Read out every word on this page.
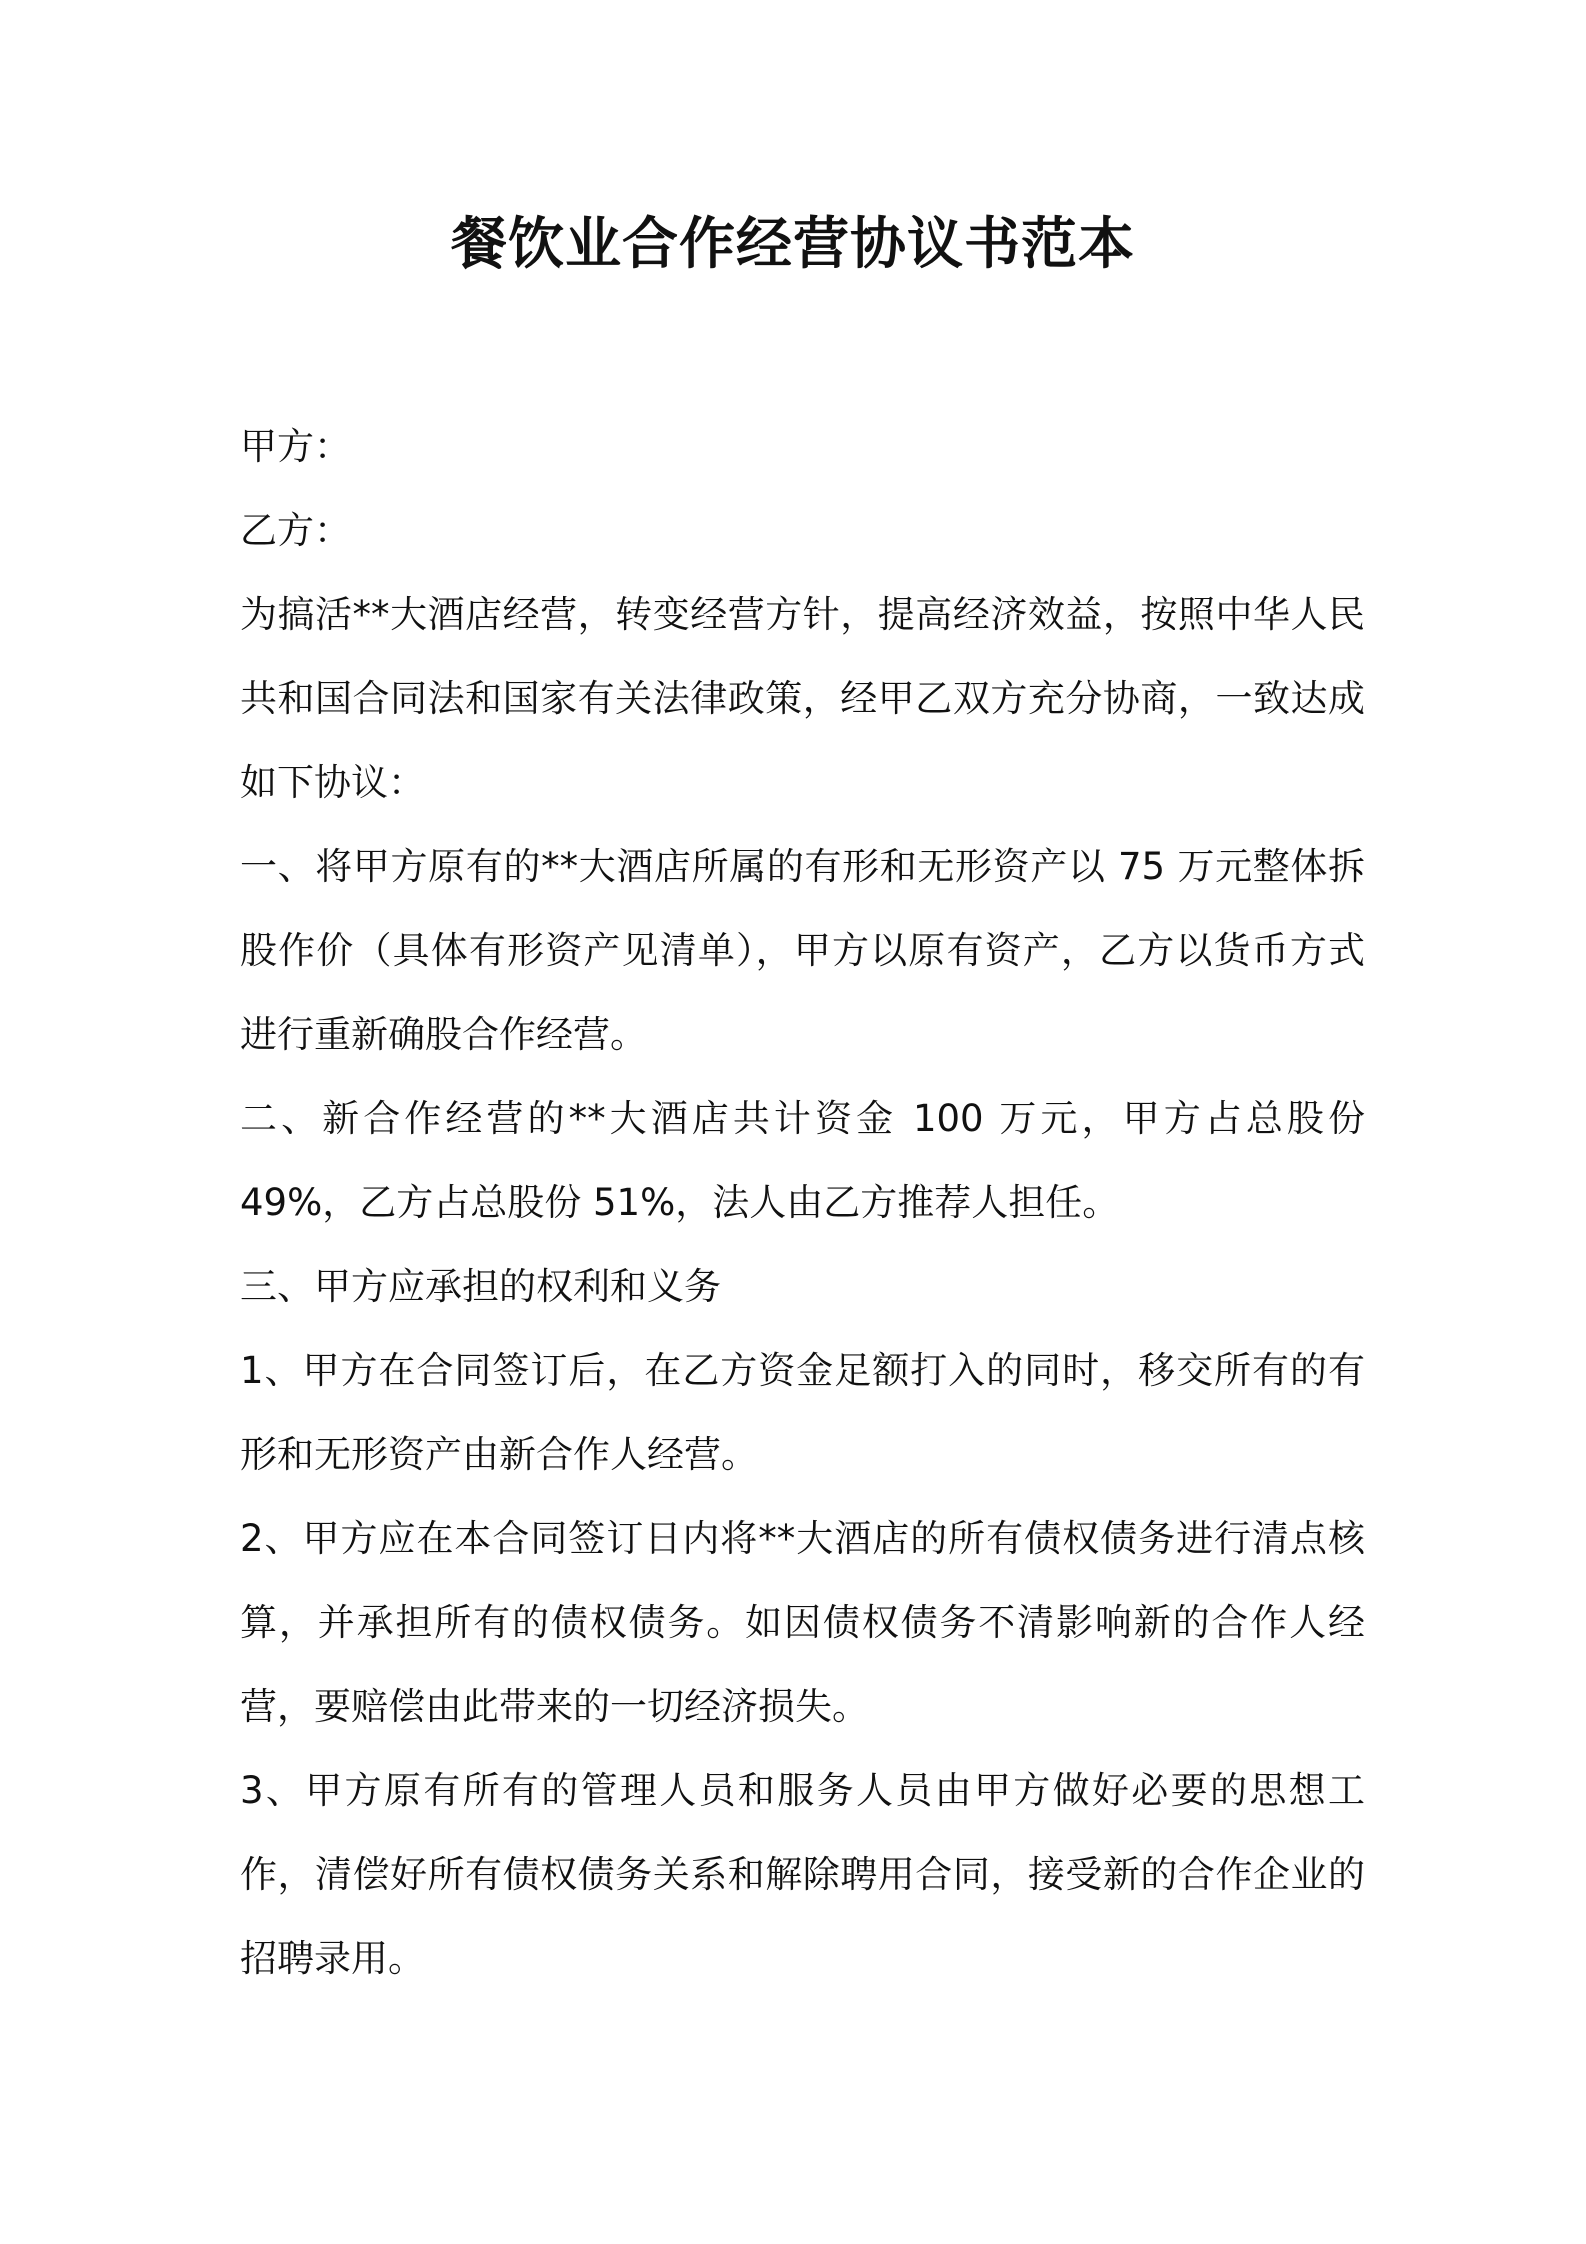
餐饮业合作经营协议书范本

甲方：

乙方：

为搞活**大酒店经营，转变经营方针，提高经济效益，按照中华人民共和国合同法和国家有关法律政策，经甲乙双方充分协商，一致达成如下协议：

一、将甲方原有的**大酒店所属的有形和无形资产以 75 万元整体拆股作价（具体有形资产见清单），甲方以原有资产，乙方以货币方式进行重新确股合作经营。

二、新合作经营的**大酒店共计资金 100 万元，甲方占总股份 49%，乙方占总股份 51%，法人由乙方推荐人担任。

三、甲方应承担的权利和义务

1、甲方在合同签订后，在乙方资金足额打入的同时，移交所有的有形和无形资产由新合作人经营。

2、甲方应在本合同签订日内将**大酒店的所有债权债务进行清点核算，并承担所有的债权债务。如因债权债务不清影响新的合作人经营，要赔偿由此带来的一切经济损失。

3、甲方原有所有的管理人员和服务人员由甲方做好必要的思想工作，清偿好所有债权债务关系和解除聘用合同，接受新的合作企业的招聘录用。
